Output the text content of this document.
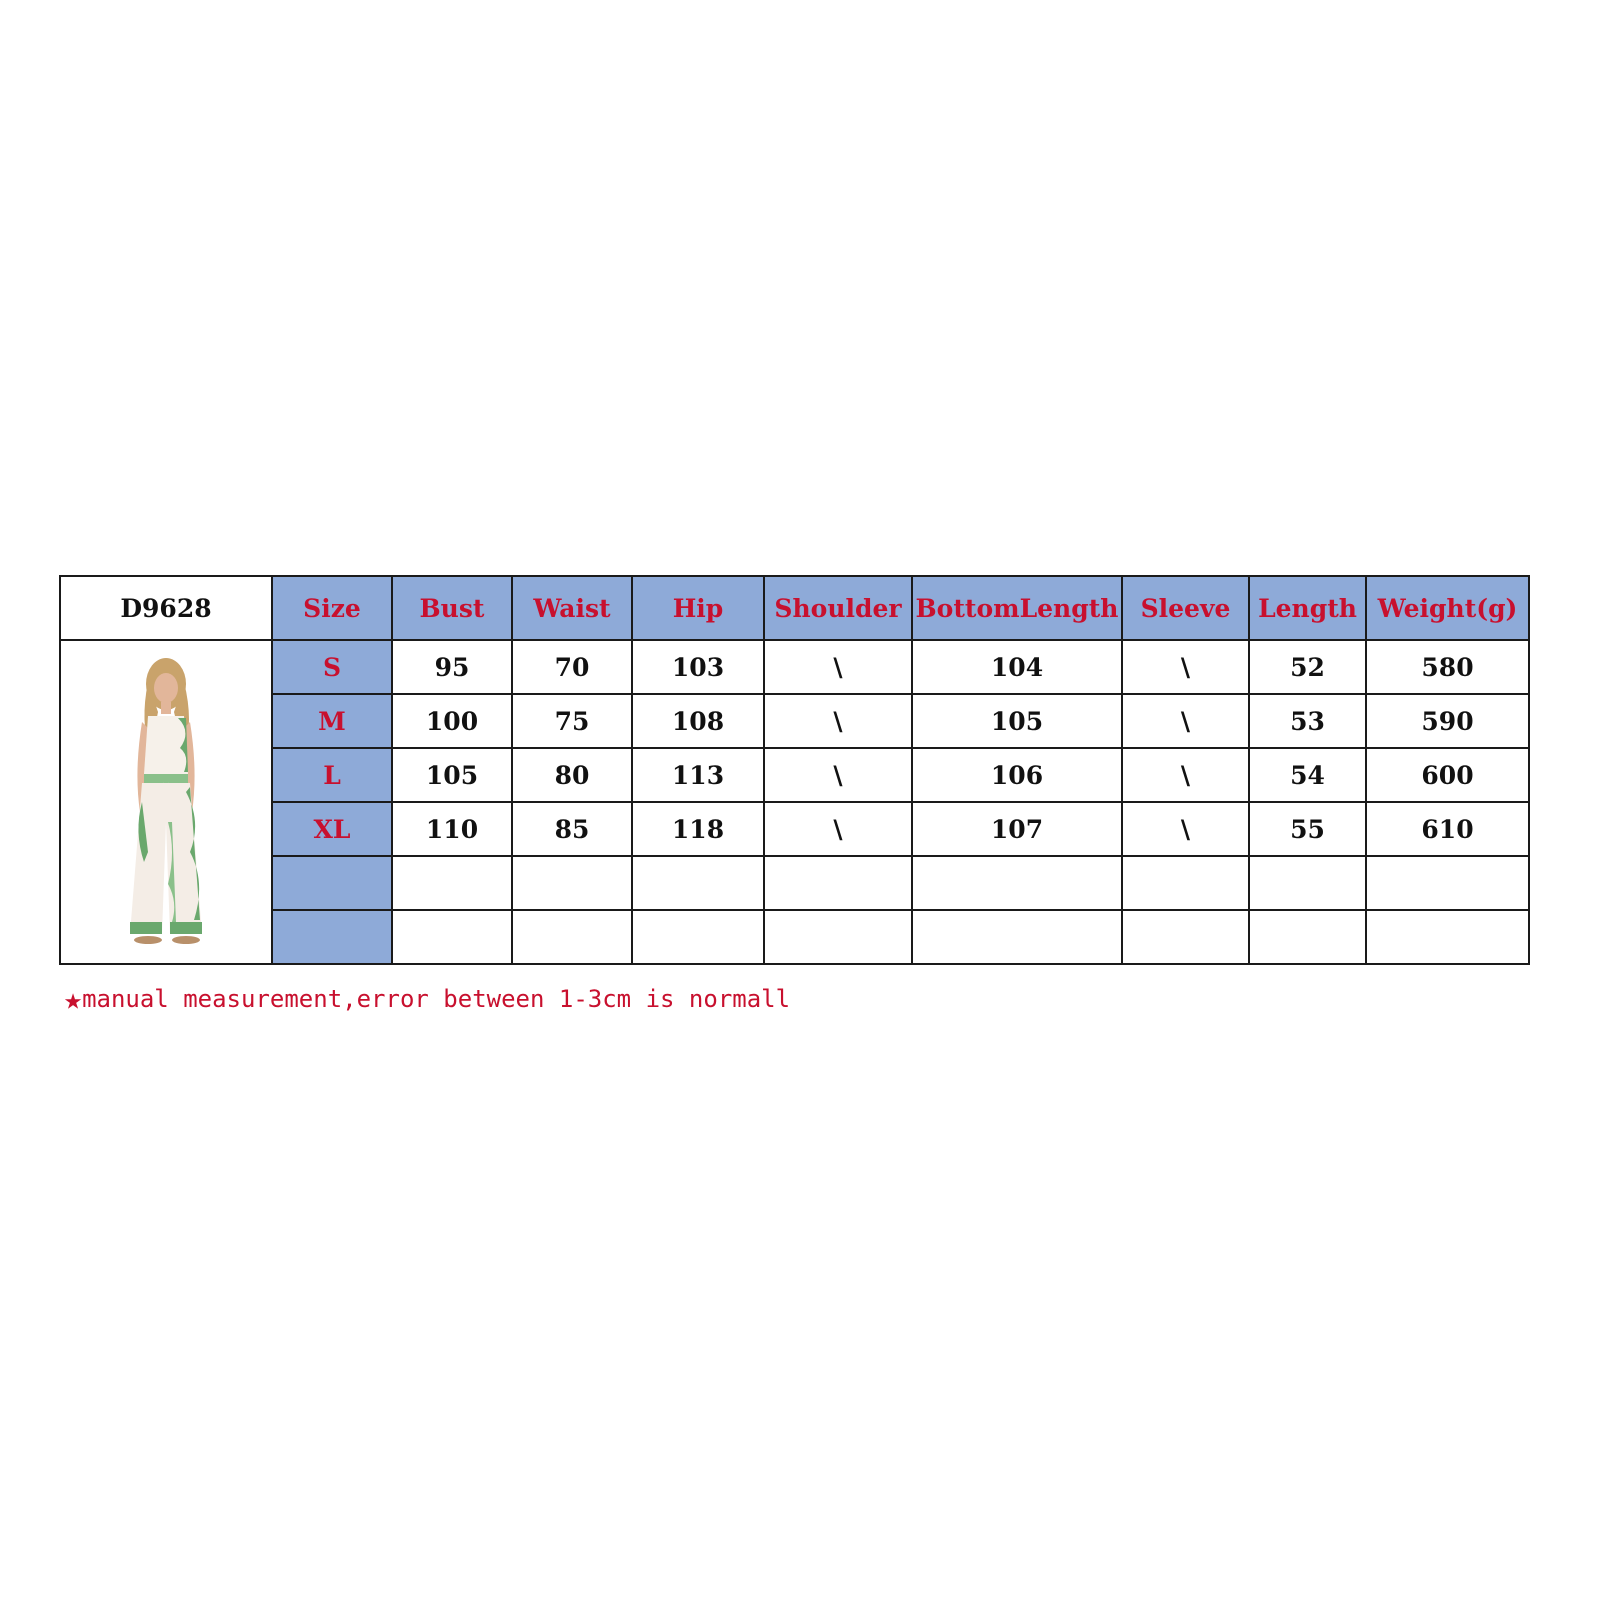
D9628	Size	Bust	Waist	Hip	Shoulder	BottomLength	Sleeve	Length	Weight(g)

	S	95	70	103	\	104	\	52	580
	M	100	75	108	\	105	\	53	590
	L	105	80	113	\	106	\	54	600
	XL	110	85	118	\	107	\	55	610

★manual measurement,error between 1-3cm is normall
